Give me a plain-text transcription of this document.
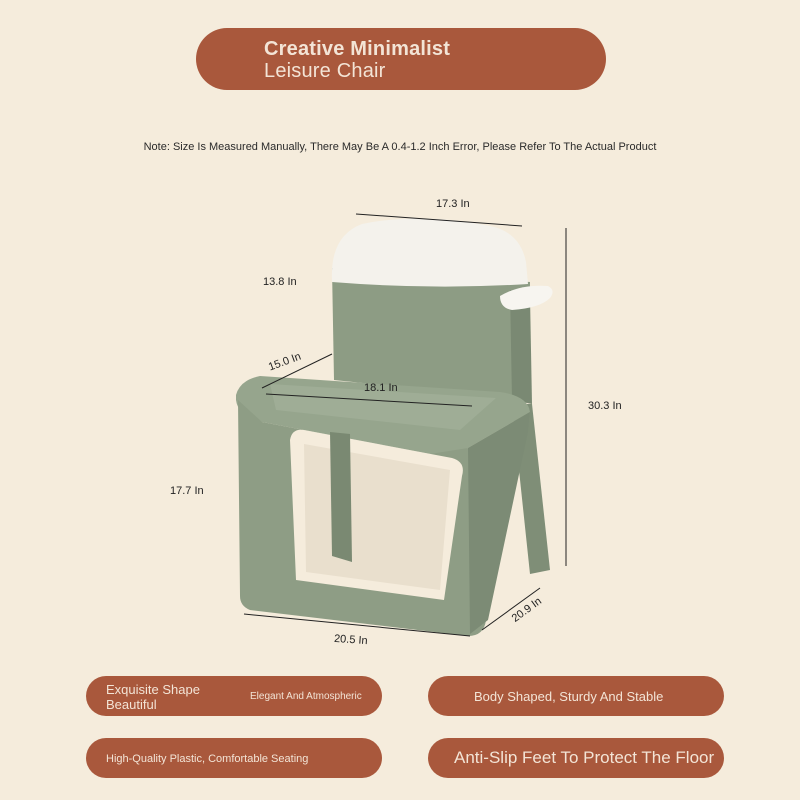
Creative Minimalist
Leisure Chair
Note: Size Is Measured Manually, There May Be A 0.4-1.2 Inch Error, Please Refer To The Actual Product
17.3 In
13.8 In
15.0 In
18.1 In
30.3 In
17.7 In
20.5 In
20.9 In
Exquisite Shape
Beautiful
Elegant And Atmospheric	Body Shaped, Sturdy And Stable
High-Quality Plastic, Comfortable Seating	Anti-Slip Feet To Protect The Floor
